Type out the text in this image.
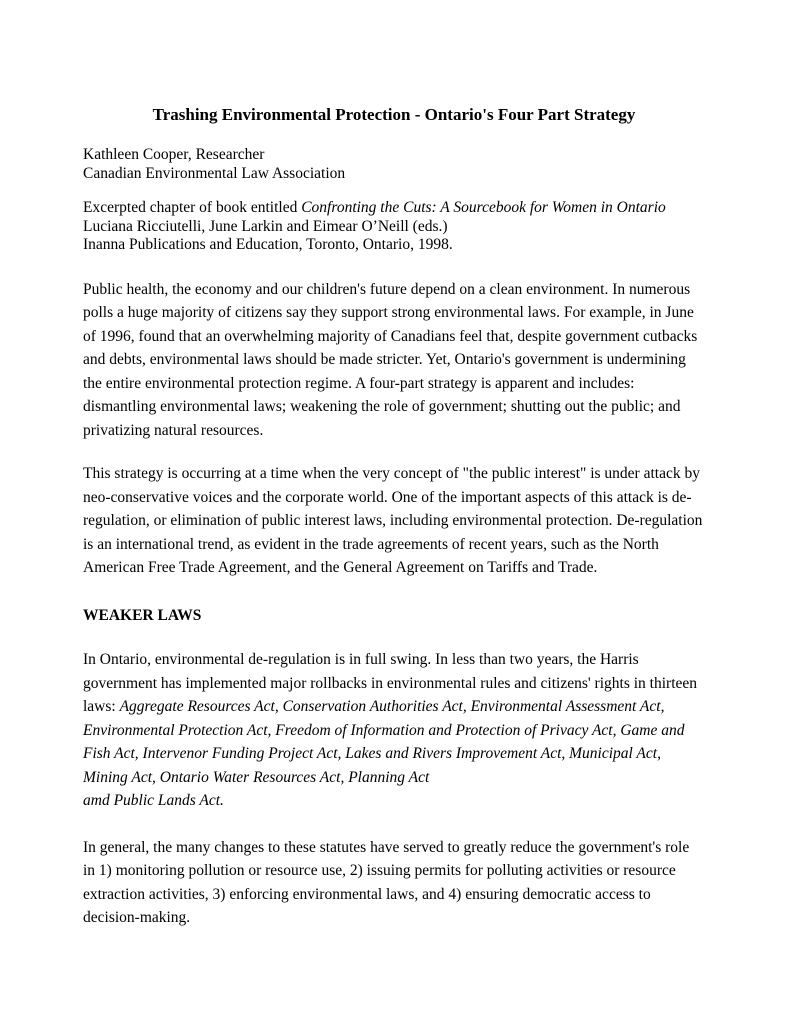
Trashing Environmental Protection - Ontario's Four Part Strategy
Kathleen Cooper, Researcher
Canadian Environmental Law Association
Excerpted chapter of book entitled Confronting the Cuts: A Sourcebook for Women in Ontario
Luciana Ricciutelli, June Larkin and Eimear O’Neill (eds.)
Inanna Publications and Education, Toronto, Ontario, 1998.

Public health, the economy and our children's future depend on a clean environment. In numerous polls a huge majority of citizens say they support strong environmental laws. For example, in June of 1996, found that an overwhelming majority of Canadians feel that, despite government cutbacks and debts, environmental laws should be made stricter. Yet, Ontario's government is undermining the entire environmental protection regime. A four-part strategy is apparent and includes: dismantling environmental laws; weakening the role of government; shutting out the public; and privatizing natural resources.

This strategy is occurring at a time when the very concept of "the public interest" is under attack by neo-conservative voices and the corporate world. One of the important aspects of this attack is de-regulation, or elimination of public interest laws, including environmental protection. De-regulation is an international trend, as evident in the trade agreements of recent years, such as the North American Free Trade Agreement, and the General Agreement on Tariffs and Trade.

WEAKER LAWS

In Ontario, environmental de-regulation is in full swing. In less than two years, the Harris government has implemented major rollbacks in environmental rules and citizens' rights in thirteen laws: Aggregate Resources Act, Conservation Authorities Act, Environmental Assessment Act, Environmental Protection Act, Freedom of Information and Protection of Privacy Act, Game and Fish Act, Intervenor Funding Project Act, Lakes and Rivers Improvement Act, Municipal Act, Mining Act, Ontario Water Resources Act, Planning Act
amd Public Lands Act.

In general, the many changes to these statutes have served to greatly reduce the government's role in 1) monitoring pollution or resource use, 2) issuing permits for polluting activities or resource extraction activities, 3) enforcing environmental laws, and 4) ensuring democratic access to decision-making.
